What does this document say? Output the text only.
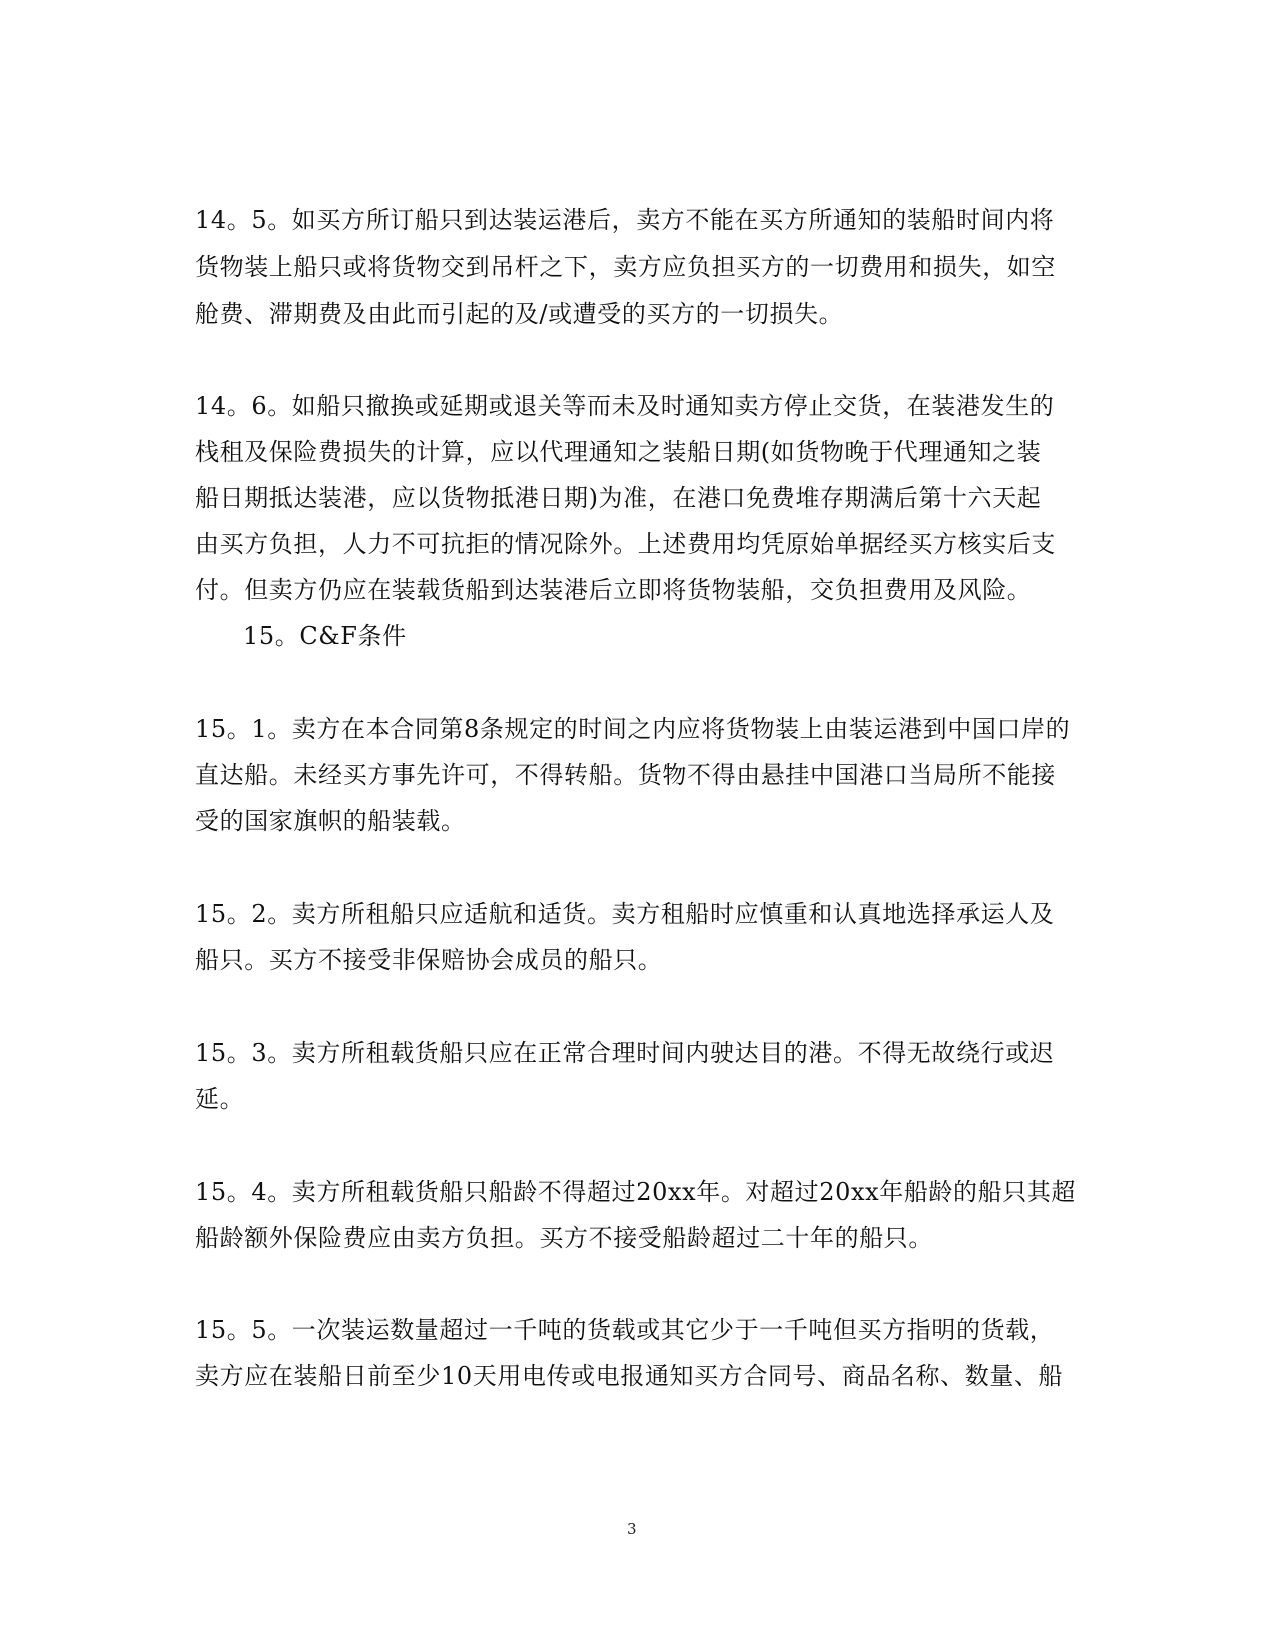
14。5。如买方所订船只到达装运港后，卖方不能在买方所通知的装船时间内将
货物装上船只或将货物交到吊杆之下，卖方应负担买方的一切费用和损失，如空
舱费、滞期费及由此而引起的及/或遭受的买方的一切损失。
14。6。如船只撤换或延期或退关等而未及时通知卖方停止交货，在装港发生的
栈租及保险费损失的计算，应以代理通知之装船日期(如货物晚于代理通知之装
船日期抵达装港，应以货物抵港日期)为准，在港口免费堆存期满后第十六天起
由买方负担，人力不可抗拒的情况除外。上述费用均凭原始单据经买方核实后支
付。但卖方仍应在装载货船到达装港后立即将货物装船，交负担费用及风险。
15。C&F条件
15。1。卖方在本合同第8条规定的时间之内应将货物装上由装运港到中国口岸的
直达船。未经买方事先许可，不得转船。货物不得由悬挂中国港口当局所不能接
受的国家旗帜的船装载。
15。2。卖方所租船只应适航和适货。卖方租船时应慎重和认真地选择承运人及
船只。买方不接受非保赔协会成员的船只。
15。3。卖方所租载货船只应在正常合理时间内驶达目的港。不得无故绕行或迟
延。
15。4。卖方所租载货船只船龄不得超过20xx年。对超过20xx年船龄的船只其超
船龄额外保险费应由卖方负担。买方不接受船龄超过二十年的船只。
15。5。一次装运数量超过一千吨的货载或其它少于一千吨但买方指明的货载，
卖方应在装船日前至少10天用电传或电报通知买方合同号、商品名称、数量、船
3
